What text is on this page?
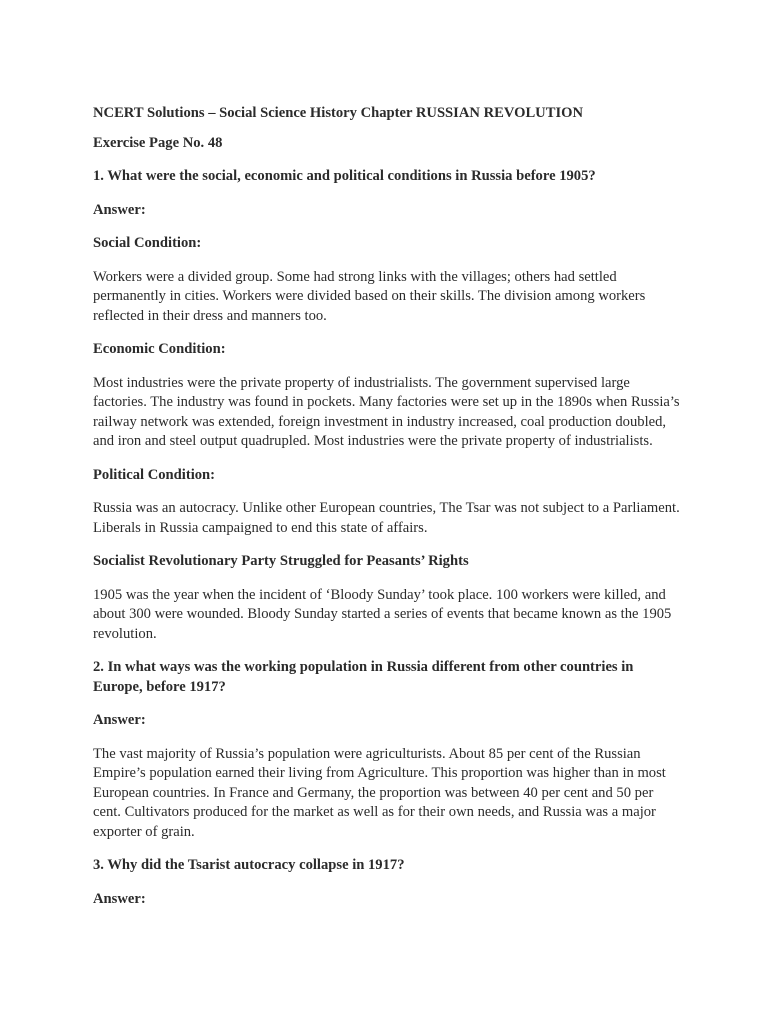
NCERT Solutions – Social Science History Chapter RUSSIAN REVOLUTION

Exercise Page No. 48

1. What were the social, economic and political conditions in Russia before 1905?

Answer:

Social Condition:

Workers were a divided group. Some had strong links with the villages; others had settled permanently in cities. Workers were divided based on their skills. The division among workers reflected in their dress and manners too.

Economic Condition:

Most industries were the private property of industrialists. The government supervised large factories. The industry was found in pockets. Many factories were set up in the 1890s when Russia’s railway network was extended, foreign investment in industry increased, coal production doubled, and iron and steel output quadrupled. Most industries were the private property of industrialists.

Political Condition:

Russia was an autocracy. Unlike other European countries, The Tsar was not subject to a Parliament. Liberals in Russia campaigned to end this state of affairs.

Socialist Revolutionary Party Struggled for Peasants’ Rights

1905 was the year when the incident of ‘Bloody Sunday’ took place. 100 workers were killed, and about 300 were wounded. Bloody Sunday started a series of events that became known as the 1905 revolution.

2. In what ways was the working population in Russia different from other countries in Europe, before 1917?

Answer:

The vast majority of Russia’s population were agriculturists. About 85 per cent of the Russian Empire’s population earned their living from Agriculture. This proportion was higher than in most European countries. In France and Germany, the proportion was between 40 per cent and 50 per cent. Cultivators produced for the market as well as for their own needs, and Russia was a major exporter of grain.

3. Why did the Tsarist autocracy collapse in 1917?

Answer:
